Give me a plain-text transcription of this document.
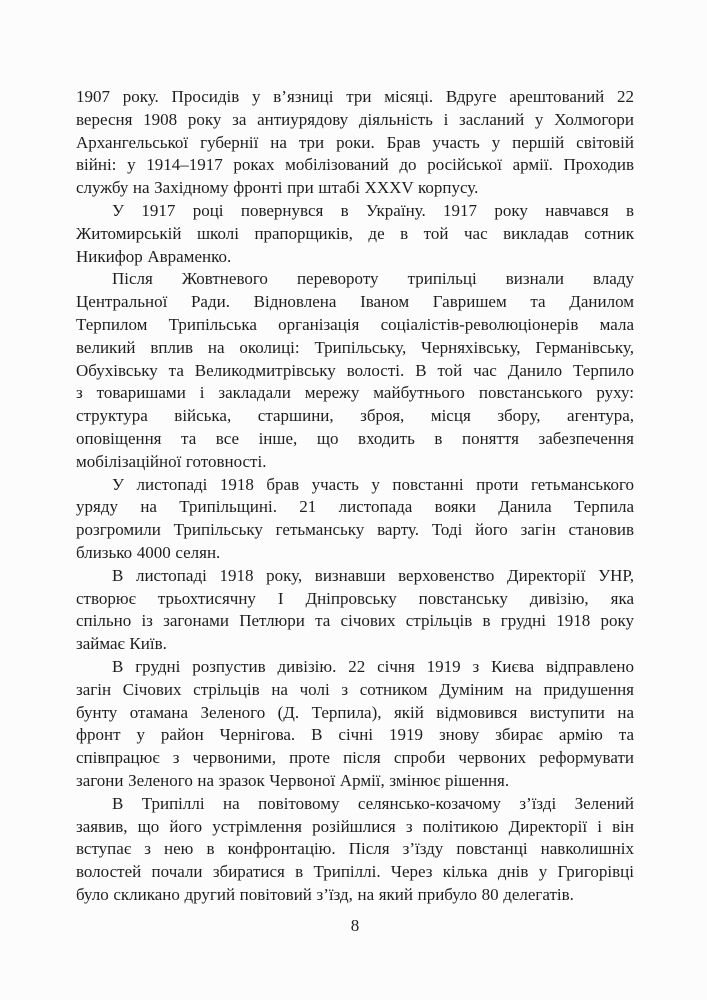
1907 року. Просидів у в’язниці три місяці. Вдруге арештований 22
вересня 1908 року за антиурядову діяльність і засланий у Холмогори
Архангельської губернії на три роки. Брав участь у першій світовій
війні: у 1914–1917 роках мобілізований до російської армії. Проходив
службу на Західному фронті при штабі XXXV корпусу.
У 1917 році повернувся в Україну. 1917 року навчався в
Житомирській школі прапорщиків, де в той час викладав сотник
Никифор Авраменко.
Після Жовтневого перевороту трипільці визнали владу
Центральної Ради. Відновлена Іваном Гавришем та Данилом
Терпилом Трипільська організація соціалістів-революціонерів мала
великий вплив на околиці: Трипільську, Черняхівську, Германівську,
Обухівську та Великодмитрівську волості. В той час Данило Терпило
з товаришами і закладали мережу майбутнього повстанського руху:
структура війська, старшини, зброя, місця збору, агентура,
оповіщення та все інше, що входить в поняття забезпечення
мобілізаційної готовності.
У листопаді 1918 брав участь у повстанні проти гетьманського
уряду на Трипільщині. 21 листопада вояки Данила Терпила
розгромили Трипільську гетьманську варту. Тоді його загін становив
близько 4000 селян.
В листопаді 1918 року, визнавши верховенство Директорії УНР,
створює трьохтисячну І Дніпровську повстанську дивізію, яка
спільно із загонами Петлюри та січових стрільців в грудні 1918 року
займає Київ.
В грудні розпустив дивізію. 22 січня 1919 з Києва відправлено
загін Січових стрільців на чолі з сотником Думіним на придушення
бунту отамана Зеленого (Д. Терпила), якій відмовився виступити на
фронт у район Чернігова. В січні 1919 знову збирає армію та
співпрацює з червоними, проте після спроби червоних реформувати
загони Зеленого на зразок Червоної Армії, змінює рішення.
В Трипіллі на повітовому селянсько-козачому з’їзді Зелений
заявив, що його устрімлення розійшлися з політикою Директорії і він
вступає з нею в конфронтацію. Після з’їзду повстанці навколишніх
волостей почали збиратися в Трипіллі. Через кілька днів у Григорівці
було скликано другий повітовий з’їзд, на який прибуло 80 делегатів.
8
